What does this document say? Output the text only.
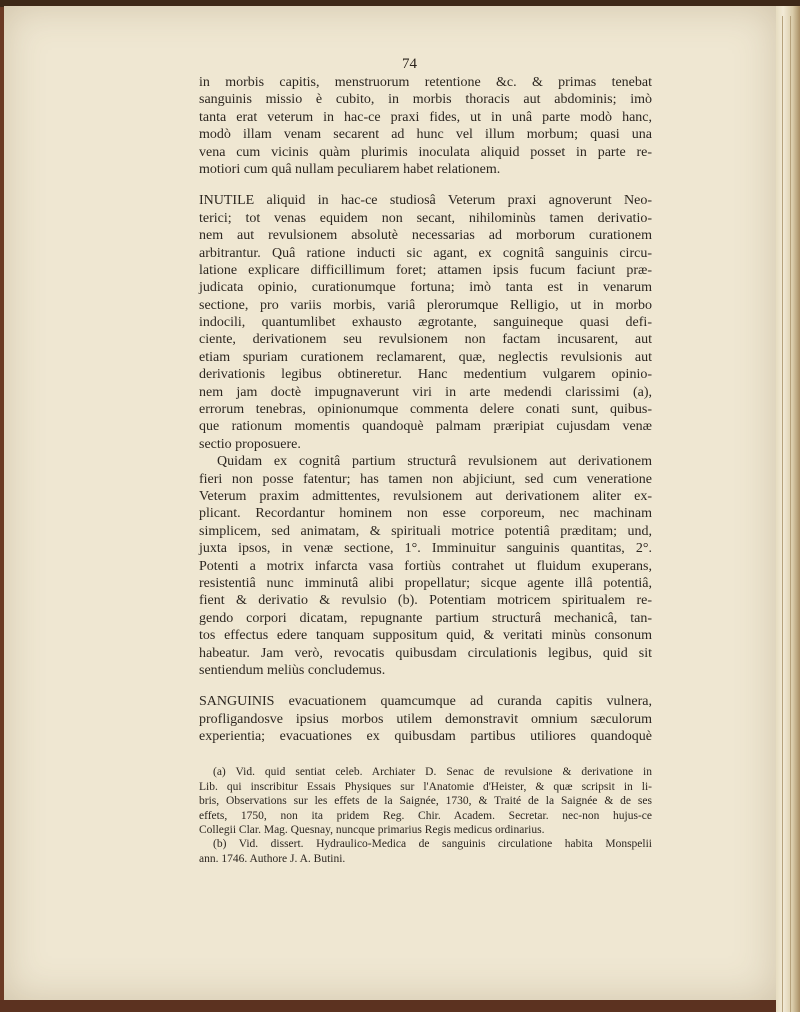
74

in morbis capitis, menstruorum retentione &c. & primas tenebat
sanguinis missio è cubito, in morbis thoracis aut abdominis; imò
tanta erat veterum in hac-ce praxi fides, ut in unâ parte modò hanc,
modò illam venam secarent ad hunc vel illum morbum; quasi una
vena cum vicinis quàm plurimis inoculata aliquid posset in parte re-
motiori cum quâ nullam peculiarem habet relationem.
INUTILE aliquid in hac-ce studiosâ Veterum praxi agnoverunt Neo-
terici; tot venas equidem non secant, nihilominùs tamen derivatio-
nem aut revulsionem absolutè necessarias ad morborum curationem
arbitrantur. Quâ ratione inducti sic agant, ex cognitâ sanguinis circu-
latione explicare difficillimum foret; attamen ipsis fucum faciunt præ-
judicata opinio, curationumque fortuna; imò tanta est in venarum
sectione, pro variis morbis, variâ plerorumque Relligio, ut in morbo
indocili, quantumlibet exhausto ægrotante, sanguineque quasi defi-
ciente, derivationem seu revulsionem non factam incusarent, aut
etiam spuriam curationem reclamarent, quæ, neglectis revulsionis aut
derivationis legibus obtineretur. Hanc medentium vulgarem opinio-
nem jam doctè impugnaverunt viri in arte medendi clarissimi (a),
errorum tenebras, opinionumque commenta delere conati sunt, quibus-
que rationum momentis quandoquè palmam præripiat cujusdam venæ
sectio proposuere.
Quidam ex cognitâ partium structurâ revulsionem aut derivationem
fieri non posse fatentur; has tamen non abjiciunt, sed cum veneratione
Veterum praxim admittentes, revulsionem aut derivationem aliter ex-
plicant. Recordantur hominem non esse corporeum, nec machinam
simplicem, sed animatam, & spirituali motrice potentiâ præditam; und,
juxta ipsos, in venæ sectione, 1°. Imminuitur sanguinis quantitas, 2°.
Potenti a motrix infarcta vasa fortiùs contrahet ut fluidum exuperans,
resistentiâ nunc imminutâ alibi propellatur; sicque agente illâ potentiâ,
fient & derivatio & revulsio (b). Potentiam motricem spiritualem re-
gendo corpori dicatam, repugnante partium structurâ mechanicâ, tan-
tos effectus edere tanquam suppositum quid, & veritati minùs consonum
habeatur. Jam verò, revocatis quibusdam circulationis legibus, quid sit
sentiendum meliùs concludemus.
SANGUINIS evacuationem quamcumque ad curanda capitis vulnera,
profligandosve ipsius morbos utilem demonstravit omnium sæculorum
experientia; evacuationes ex quibusdam partibus utiliores quandoquè
(a) Vid. quid sentiat celeb. Archiater D. Senac de revulsione & derivatione in
Lib. qui inscribitur Essais Physiques sur l'Anatomie d'Heister, & quæ scripsit in li-
bris, Observations sur les effets de la Saignée, 1730, & Traité de la Saignée & de ses
effets, 1750, non ita pridem Reg. Chir. Academ. Secretar. nec-non hujus-ce
Collegii Clar. Mag. Quesnay, nuncque primarius Regis medicus ordinarius.
(b) Vid. dissert. Hydraulico-Medica de sanguinis circulatione habita Monspelii
ann. 1746. Authore J. A. Butini.
